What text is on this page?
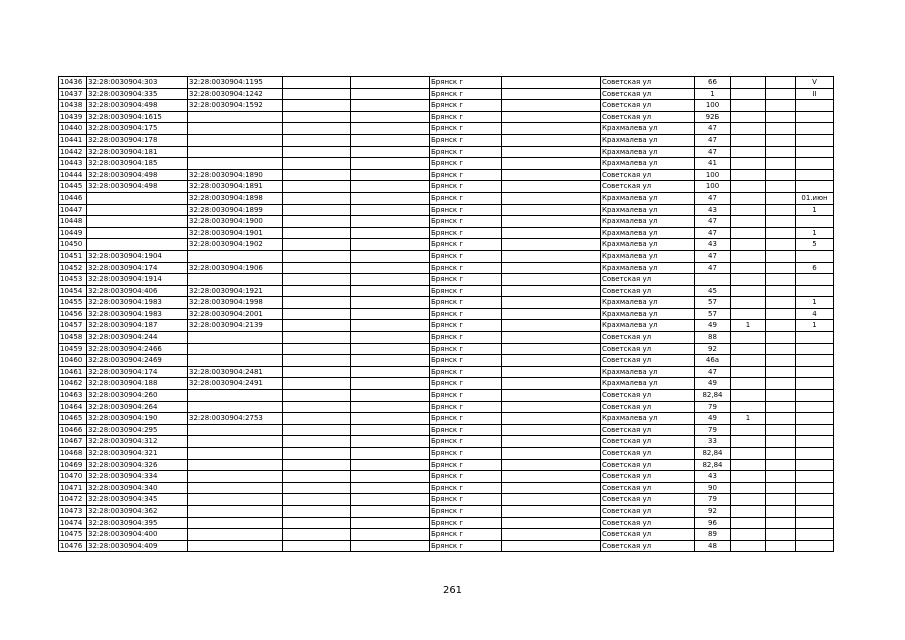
10436	32:28:0030904:303	32:28:0030904:1195			Брянск г		Советская ул	66			V
10437	32:28:0030904:335	32:28:0030904:1242			Брянск г		Советская ул	1			II
10438	32:28:0030904:498	32:28:0030904:1592			Брянск г		Советская ул	100			
10439	32:28:0030904:1615				Брянск г		Советская ул	92Б			
10440	32:28:0030904:175				Брянск г		Крахмалева ул	47			
10441	32:28:0030904:178				Брянск г		Крахмалева ул	47			
10442	32:28:0030904:181				Брянск г		Крахмалева ул	47			
10443	32:28:0030904:185				Брянск г		Крахмалева ул	41			
10444	32:28:0030904:498	32:28:0030904:1890			Брянск г		Советская ул	100			
10445	32:28:0030904:498	32:28:0030904:1891			Брянск г		Советская ул	100			
10446		32:28:0030904:1898			Брянск г		Крахмалева ул	47			01.июн
10447		32:28:0030904:1899			Брянск г		Крахмалева ул	43			1
10448		32:28:0030904:1900			Брянск г		Крахмалева ул	47			
10449		32:28:0030904:1901			Брянск г		Крахмалева ул	47			1
10450		32:28:0030904:1902			Брянск г		Крахмалева ул	43			5
10451	32:28:0030904:1904				Брянск г		Крахмалева ул	47			
10452	32:28:0030904:174	32:28:0030904:1906			Брянск г		Крахмалева ул	47			6
10453	32:28:0030904:1914				Брянск г		Советская ул				
10454	32:28:0030904:406	32:28:0030904:1921			Брянск г		Советская ул	45			
10455	32:28:0030904:1983	32:28:0030904:1998			Брянск г		Крахмалева ул	57			1
10456	32:28:0030904:1983	32:28:0030904:2001			Брянск г		Крахмалева ул	57			4
10457	32:28:0030904:187	32:28:0030904:2139			Брянск г		Крахмалева ул	49	1		1
10458	32:28:0030904:244				Брянск г		Советская ул	88			
10459	32:28:0030904:2466				Брянск г		Советская ул	92			
10460	32:28:0030904:2469				Брянск г		Советская ул	46а			
10461	32:28:0030904:174	32:28:0030904:2481			Брянск г		Крахмалева ул	47			
10462	32:28:0030904:188	32:28:0030904:2491			Брянск г		Крахмалева ул	49			
10463	32:28:0030904:260				Брянск г		Советская ул	82,84			
10464	32:28:0030904:264				Брянск г		Советская ул	79			
10465	32:28:0030904:190	32:28:0030904:2753			Брянск г		Крахмалева ул	49	1		
10466	32:28:0030904:295				Брянск г		Советская ул	79			
10467	32:28:0030904:312				Брянск г		Советская ул	33			
10468	32:28:0030904:321				Брянск г		Советская ул	82,84			
10469	32:28:0030904:326				Брянск г		Советская ул	82,84			
10470	32:28:0030904:334				Брянск г		Советская ул	43			
10471	32:28:0030904:340				Брянск г		Советская ул	90			
10472	32:28:0030904:345				Брянск г		Советская ул	79			
10473	32:28:0030904:362				Брянск г		Советская ул	92			
10474	32:28:0030904:395				Брянск г		Советская ул	96			
10475	32:28:0030904:400				Брянск г		Советская ул	89			
10476	32:28:0030904:409				Брянск г		Советская ул	48			
261
